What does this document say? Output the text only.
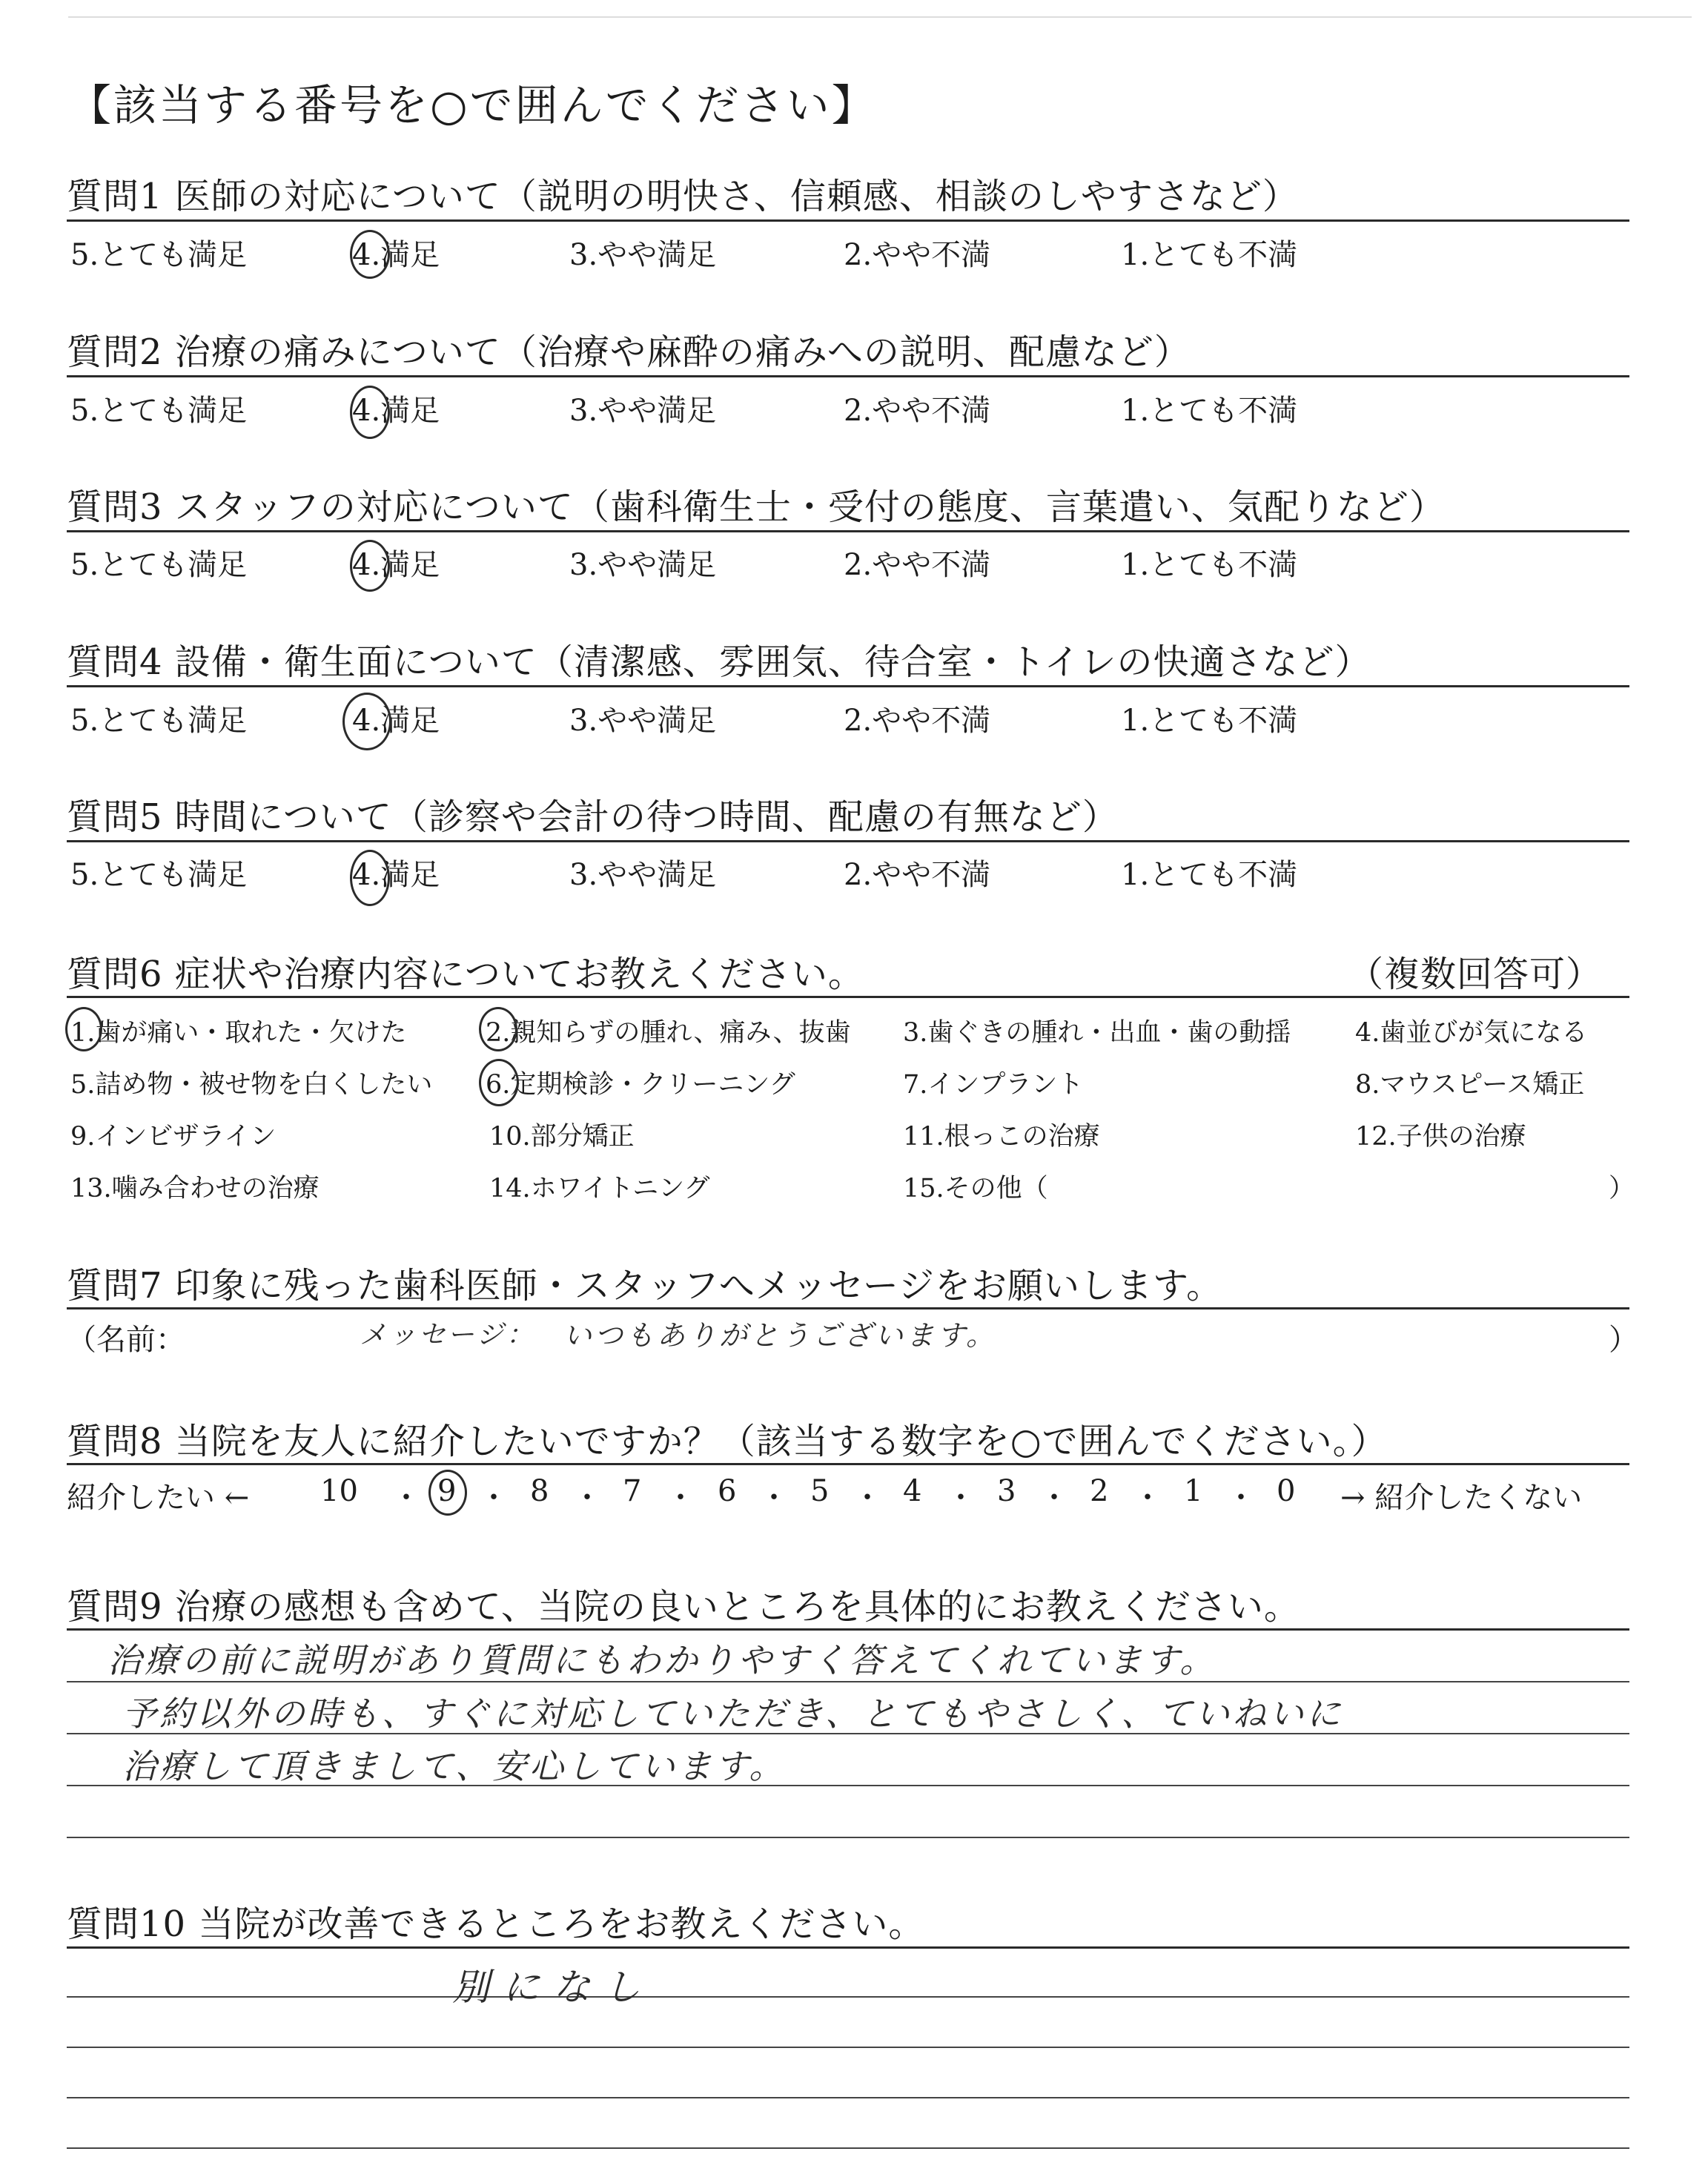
【該当する番号を○で囲んでください】
質問1 医師の対応について（説明の明快さ、信頼感、相談のしやすさなど）
5.とても満足	4.満足	3.やや満足	2.やや不満	1.とても不満
質問2 治療の痛みについて（治療や麻酔の痛みへの説明、配慮など）
5.とても満足	4.満足	3.やや満足	2.やや不満	1.とても不満
質問3 スタッフの対応について（歯科衛生士・受付の態度、言葉遣い、気配りなど）
5.とても満足	4.満足	3.やや満足	2.やや不満	1.とても不満
質問4 設備・衛生面について（清潔感、雰囲気、待合室・トイレの快適さなど）
5.とても満足	4.満足	3.やや満足	2.やや不満	1.とても不満
質問5 時間について（診察や会計の待つ時間、配慮の有無など）
5.とても満足	4.満足	3.やや満足	2.やや不満	1.とても不満
質問6 症状や治療内容についてお教えください。	（複数回答可）
1.歯が痛い・取れた・欠けた	2.親知らずの腫れ、痛み、抜歯 3.歯ぐきの腫れ・出血・歯の動揺 4.歯並びが気になる
5.詰め物・被せ物を白くしたい 6.定期検診・クリーニング	7.インプラント	8.マウスピース矯正
9.インビザライン	10.部分矯正	11.根っこの治療	12.子供の治療
13.噛み合わせの治療	14.ホワイトニング	15.その他（	）
質問7 印象に残った歯科医師・スタッフへメッセージをお願いします。
（名前：	メッセージ： いつもありがとうございます。	）
質問8 当院を友人に紹介したいですか？（該当する数字を○で囲んでください。）
紹介したい ←	→ 紹介したくない
10 ・ 9 ・ 8 ・ 7 ・ 6 ・ 5 ・ 4 ・ 3 ・ 2 ・ 1 ・ 0
質問9 治療の感想も含めて、当院の良いところを具体的にお教えください。
治療の前に説明があり質問にもわかりやすく答えてくれています。
予約以外の時も、すぐに対応していただき、とてもやさしく、ていねいに
治療して頂きまして、安心しています。
質問10 当院が改善できるところをお教えください。
別になし
